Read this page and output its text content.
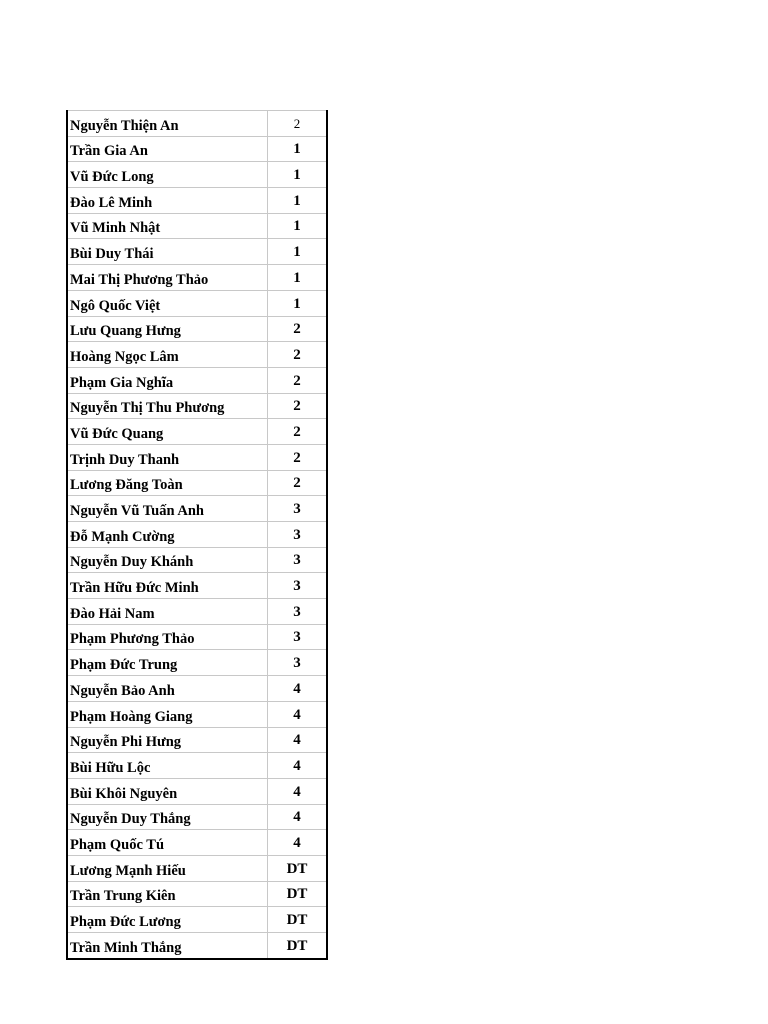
Nguyễn Thiện An	2
Trần Gia An	1
Vũ Đức Long	1
Đào Lê Minh	1
Vũ Minh Nhật	1
Bùi Duy Thái	1
Mai Thị Phương Thảo	1
Ngô Quốc Việt	1
Lưu Quang Hưng	2
Hoàng Ngọc Lâm	2
Phạm Gia Nghĩa	2
Nguyễn Thị Thu Phương	2
Vũ Đức Quang	2
Trịnh Duy Thanh	2
Lương Đăng Toàn	2
Nguyễn Vũ Tuấn Anh	3
Đỗ Mạnh Cường	3
Nguyễn Duy Khánh	3
Trần Hữu Đức Minh	3
Đào Hải Nam	3
Phạm Phương Thảo	3
Phạm Đức Trung	3
Nguyễn Bảo Anh	4
Phạm Hoàng Giang	4
Nguyễn Phi Hưng	4
Bùi Hữu Lộc	4
Bùi Khôi Nguyên	4
Nguyễn Duy Thắng	4
Phạm Quốc Tú	4
Lương Mạnh Hiếu	DT
Trần Trung Kiên	DT
Phạm Đức Lương	DT
Trần Minh Thắng	DT
